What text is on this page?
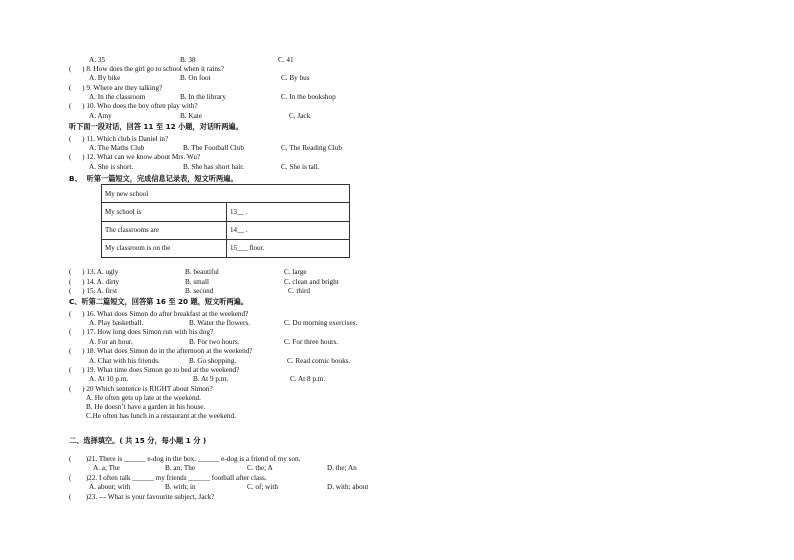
A. 35	B. 38	C. 41
(      ) 8. How does the girl go to school when it rains?
A. By bike	B. On foot	C. By bus
(      ) 9. Where are they talking?
A. In the classroom	B. In the library	C. In the bookshop
(      ) 10. Who does the boy often play with?
A. Amy	B. Kate	C. Jack
听下面一段对话，回答 11 至 12 小题，对话听两遍。
(      ) 11. Which club is Daniel in?
A. The Maths Club	B. The Football Club	C. The Reading Club
(      ) 12. What can we know about Mrs. Wu?
A. She is short.	B. She has short hair.	C. She is tall.
B、  听第一篇短文，完成信息记录表，短文听两遍。
My new school	
My school is	13__ .
The classrooms are	14__ .
My classroom is on the	15___ floor.
(      ) 13. A. ugly	B. beautiful	C. large
(      ) 14. A. dirty	B. small	C. clean and bright
(      ) 15. A. first	B. second	C. third
C、听第二篇短文，回答第 16 至 20 题，短文听两遍。
(      ) 16. What does Simon do after breakfast at the weekend?
A. Play basketball.	B. Water the flowers.	C. Do morning exercises.
(      ) 17. How long does Simon run with his dog?
A. For an hour.	B. For two hours.	C. For three hours.
(      ) 18. What does Simon do in the afternoon at the weekend?
A. Chat with his friends.	B. Go shopping.	C. Read comic books.
(      ) 19. What time does Simon go to bed at the weekend?
A. At 10 p.m.	B. At 9 p.m.	C. At 8 p.m.
(      ) 20 Which sentence is RIGHT about Simon?
A. He often gets up late at the weekend.
B. He doesn’t have a garden in his house.
C.He often has lunch in a restaurant at the weekend.
二、选择填空。( 共 15 分，每小题 1 分 )
(        )21. There is ______ e-dog in the box. ______ e-dog is a friend of my son.
A. a; The	B. an; The	C. the; A	D. the; An
(        )22. I often talk ______ my friends ______ football after class.
A. about; with	B. with; in	C. of; with	D. with; about
(        )23. --- What is your favourite subject, Jack?
